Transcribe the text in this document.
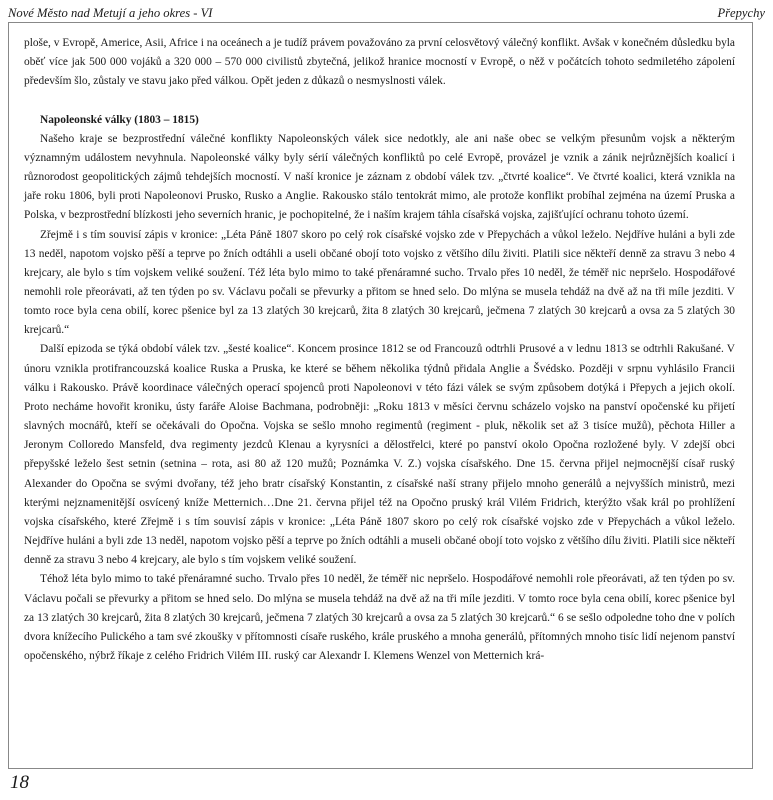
Nové Město nad Metují a jeho okres - VI	Přepychy

ploše, v Evropě, Americe, Asii, Africe i na oceánech a je tudíž právem považováno za první celosvětový válečný konflikt. Avšak v konečném důsledku byla oběť více jak 500 000 vojáků a 320 000 – 570 000 civilistů zbytečná, jelikož hranice mocností v Evropě, o něž v počátcích tohoto sedmiletého zápolení především šlo, zůstaly ve stavu jako před válkou. Opět jeden z důkazů o nesmyslnosti válek.

Napoleonské války (1803 – 1815)

Našeho kraje se bezprostřední válečné konflikty Napoleonských válek sice nedotkly, ale ani naše obec se velkým přesunům vojsk a některým významným událostem nevyhnula. Napoleonské války byly sérií válečných konfliktů po celé Evropě, provázel je vznik a zánik nejrůznějších koalicí i různorodost geopolitických zájmů tehdejších mocností. V naší kronice je záznam z období válek tzv. „čtvrté koalice“. Ve čtvrté koalici, která vznikla na jaře roku 1806, byli proti Napoleonovi Prusko, Rusko a Anglie. Rakousko stálo tentokrát mimo, ale protože konflikt probíhal zejména na území Pruska a Polska, v bezprostřední blízkosti jeho severních hranic, je pochopitelné, že i naším krajem táhla císařská vojska, zajišťující ochranu tohoto území.

Zřejmě i s tím souvisí zápis v kronice: „Léta Páně 1807 skoro po celý rok císařské vojsko zde v Přepychách a vůkol leželo. Nejdříve huláni a byli zde 13 neděl, napotom vojsko pěší a teprve po žních odtáhli a useli občané obojí toto vojsko z většího dílu živiti. Platili sice někteří denně za stravu 3 nebo 4 krejcary, ale bylo s tím vojskem veliké soužení. Též léta bylo mimo to také přenáramné sucho. Trvalo přes 10 neděl, že téměř nic nepršelo. Hospodářové nemohli role přeorávati, až ten týden po sv. Václavu počali se převurky a přitom se hned selo. Do mlýna se musela tehdáž na dvě až na tři míle jezditi. V tomto roce byla cena obilí, korec pšenice byl za 13 zlatých 30 krejcarů, žita 8 zlatých 30 krejcarů, ječmena 7 zlatých 30 krejcarů a ovsa za 5 zlatých 30 krejcarů.“

Další epizoda se týká období válek tzv. „šesté koalice“. Koncem prosince 1812 se od Francouzů odtrhli Prusové a v lednu 1813 se odtrhli Rakušané. V únoru vznikla protifrancouzská koalice Ruska a Pruska, ke které se během několika týdnů přidala Anglie a Švédsko. Později v srpnu vyhlásilo Francii válku i Rakousko. Právě koordinace válečných operací spojenců proti Napoleonovi v této fázi válek se svým způsobem dotýká i Přepych a jejich okolí. Proto necháme hovořit kroniku, ústy faráře Aloise Bachmana, podrobněji: „Roku 1813 v měsíci červnu scházelo vojsko na panství opočenské ku přijetí slavných mocnářů, kteří se očekávali do Opočna. Vojska se sešlo mnoho regimentů (regiment - pluk, několik set až 3 tisíce mužů), pěchota Hiller a Jeronym Colloredo Mansfeld, dva regimenty jezdců Klenau a kyrysníci a dělostřelci, které po panství okolo Opočna rozložené byly. V zdejší obci přepyšské leželo šest setnin (setnina – rota, asi 80 až 120 mužů; Poznámka V. Z.) vojska císařského. Dne 15. června přijel nejmocnější císař ruský Alexander do Opočna se svými dvořany, též jeho bratr císařský Konstantin, z císařské naší strany přijelo mnoho generálů a nejvyšších ministrů, mezi kterými nejznamenitější osvícený kníže Metternich…Dne 21. června přijel též na Opočno pruský král Vilém Fridrich, kterýžto však král po prohlížení vojska císařského, které Zřejmě i s tím souvisí zápis v kronice: „Léta Páně 1807 skoro po celý rok císařské vojsko zde v Přepychách a vůkol leželo. Nejdříve huláni a byli zde 13 neděl, napotom vojsko pěší a teprve po žních odtáhli a museli občané obojí toto vojsko z většího dílu živiti. Platili sice někteří denně za stravu 3 nebo 4 krejcary, ale bylo s tím vojskem veliké soužení.

Téhož léta bylo mimo to také přenáramné sucho. Trvalo přes 10 neděl, že téměř nic nepršelo. Hospodářové nemohli role přeorávati, až ten týden po sv. Václavu počali se převurky a přitom se hned selo. Do mlýna se musela tehdáž na dvě až na tři míle jezditi. V tomto roce byla cena obilí, korec pšenice byl za 13 zlatých 30 krejcarů, žita 8 zlatých 30 krejcarů, ječmena 7 zlatých 30 krejcarů a ovsa za 5 zlatých 30 krejcarů.“ 6 se sešlo odpoledne toho dne v polích dvora knížecího Pulického a tam své zkoušky v přítomnosti císaře ruského, krále pruského a mnoha generálů, přítomných mnoho tisíc lidí nejenom panství opočenského, nýbrž říkaje z celého Fridrich Vilém III. ruský car Alexandr I. Klemens Wenzel von Metternich krá-

18
